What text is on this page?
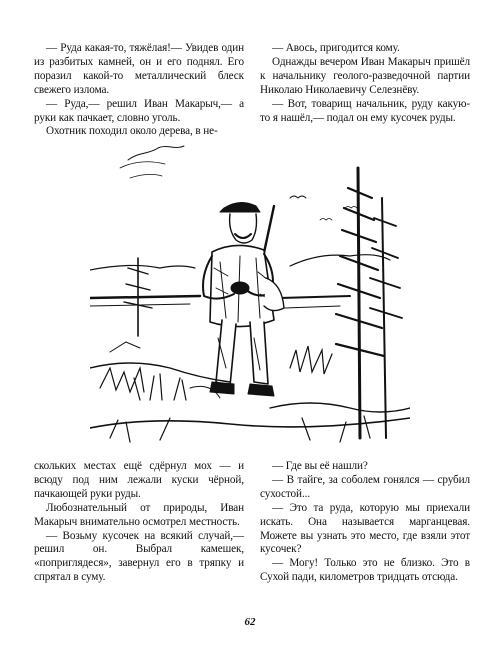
— Руда какая-то, тяжёлая!— Увидев один из разбитых камней, он и его поднял. Его поразил какой-то металлический блеск свежего излома.

— Руда,— решил Иван Макарыч,— а руки как пачкает, словно уголь.

Охотник походил около дерева, в не-

— Авось, пригодится кому.

Однажды вечером Иван Макарыч пришёл к начальнику геолого-разведочной партии Николаю Николаевичу Селезнёву.

— Вот, товарищ начальник, руду какую-то я нашёл,— подал он ему кусочек руды.

скольких местах ещё сдёрнул мох — и всюду под ним лежали куски чёрной, пачкающей руки руды.

Любознательный от природы, Иван Макарыч внимательно осмотрел местность.

— Возьму кусочек на всякий случай,— решил он. Выбрал камешек, «поприглядеся», завернул его в тряпку и спрятал в суму.

— Где вы её нашли?

— В тайге, за соболем гонялся — срубил сухостой...

— Это та руда, которую мы приехали искать. Она называется марганцевая. Можете вы узнать это место, где взяли этот кусочек?

— Могу! Только это не близко. Это в Сухой пади, километров тридцать отсюда.

62
